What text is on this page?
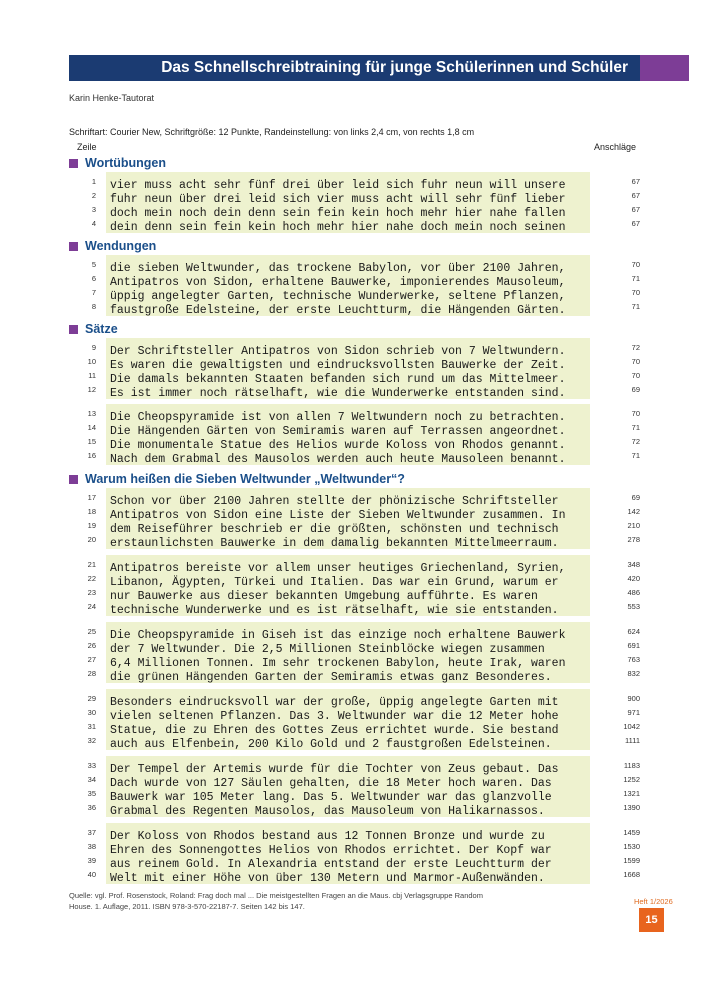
Das Schnellschreibtraining für junge Schülerinnen und Schüler
Karin Henke-Tautorat
Schriftart: Courier New, Schriftgröße: 12 Punkte, Randeinstellung: von links 2,4 cm, von rechts 1,8 cm
Zeile	Anschläge
Wortübungen
1 vier muss acht sehr fünf drei über leid sich fuhr neun will unsere	67
2 fuhr neun über drei leid sich vier muss acht will sehr fünf lieber	67
3 doch mein noch dein denn sein fein kein hoch mehr hier nahe fallen	67
4 dein denn sein fein kein hoch mehr hier nahe doch mein noch seinen	67
Wendungen
5 die sieben Weltwunder, das trockene Babylon, vor über 2100 Jahren,	70
6 Antipatros von Sidon, erhaltene Bauwerke, imponierendes Mausoleum,	71
7 üppig angelegter Garten, technische Wunderwerke, seltene Pflanzen,	70
8 faustgroße Edelsteine, der erste Leuchtturm, die Hängenden Gärten.	71
Sätze
9 Der Schriftsteller Antipatros von Sidon schrieb von 7 Weltwundern.	72
10 Es waren die gewaltigsten und eindrucksvollsten Bauwerke der Zeit.	70
11 Die damals bekannten Staaten befanden sich rund um das Mittelmeer.	70
12 Es ist immer noch rätselhaft, wie die Wunderwerke entstanden sind.	69
13 Die Cheopspyramide ist von allen 7 Weltwundern noch zu betrachten.	70
14 Die Hängenden Gärten von Semiramis waren auf Terrassen angeordnet.	71
15 Die monumentale Statue des Helios wurde Koloss von Rhodos genannt.	72
16 Nach dem Grabmal des Mausolos werden auch heute Mausoleen benannt.	71
Warum heißen die Sieben Weltwunder „Weltwunder“?
17 Schon vor über 2100 Jahren stellte der phönizische Schriftsteller	69
18 Antipatros von Sidon eine Liste der Sieben Weltwunder zusammen. In	142
19 dem Reiseführer beschrieb er die größten, schönsten und technisch	210
20 erstaunlichsten Bauwerke in dem damalig bekannten Mittelmeerraum.	278
21 Antipatros bereiste vor allem unser heutiges Griechenland, Syrien,	348
22 Libanon, Ägypten, Türkei und Italien. Das war ein Grund, warum er	420
23 nur Bauwerke aus dieser bekannten Umgebung aufführte. Es waren	486
24 technische Wunderwerke und es ist rätselhaft, wie sie entstanden.	553
25 Die Cheopspyramide in Giseh ist das einzige noch erhaltene Bauwerk	624
26 der 7 Weltwunder. Die 2,5 Millionen Steinblöcke wiegen zusammen	691
27 6,4 Millionen Tonnen. Im sehr trockenen Babylon, heute Irak, waren	763
28 die grünen Hängenden Garten der Semiramis etwas ganz Besonderes.	832
29 Besonders eindrucksvoll war der große, üppig angelegte Garten mit	900
30 vielen seltenen Pflanzen. Das 3. Weltwunder war die 12 Meter hohe	971
31 Statue, die zu Ehren des Gottes Zeus errichtet wurde. Sie bestand	1042
32 auch aus Elfenbein, 200 Kilo Gold und 2 faustgroßen Edelsteinen.	1111
33 Der Tempel der Artemis wurde für die Tochter von Zeus gebaut. Das	1183
34 Dach wurde von 127 Säulen gehalten, die 18 Meter hoch waren. Das	1252
35 Bauwerk war 105 Meter lang. Das 5. Weltwunder war das glanzvolle	1321
36 Grabmal des Regenten Mausolos, das Mausoleum von Halikarnassos.	1390
37 Der Koloss von Rhodos bestand aus 12 Tonnen Bronze und wurde zu	1459
38 Ehren des Sonnengottes Helios von Rhodos errichtet. Der Kopf war	1530
39 aus reinem Gold. In Alexandria entstand der erste Leuchtturm der	1599
40 Welt mit einer Höhe von über 130 Metern und Marmor-Außenwänden.	1668
Quelle: vgl. Prof. Rosenstock, Roland: Frag doch mal ... Die meistgestellten Fragen an die Maus. cbj Verlagsgruppe Random House. 1. Auflage, 2011. ISBN 978-3-570-22187-7. Seiten 142 bis 147.
Heft 1/2026
15
